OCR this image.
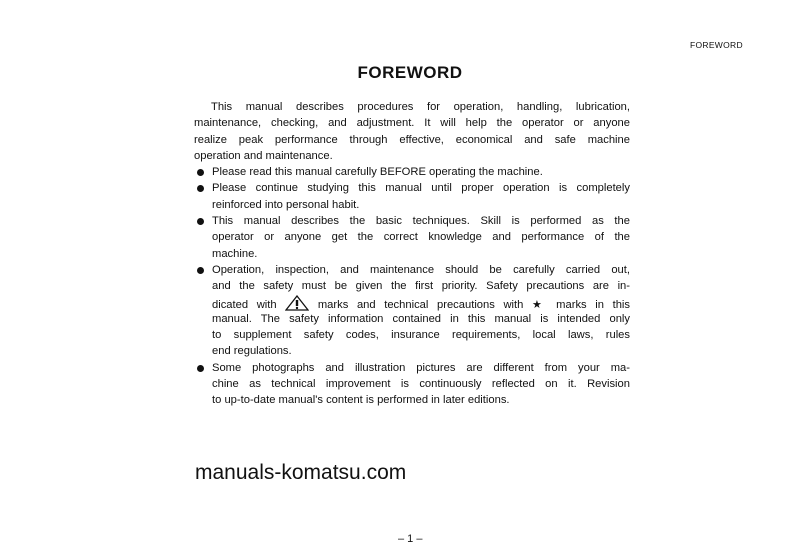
FOREWORD
FOREWORD
This manual describes procedures for operation, handling, lubrication,
maintenance, checking, and adjustment. It will help the operator or anyone
realize peak performance through effective, economical and safe machine
operation and maintenance.
Please read this manual carefully BEFORE operating the machine.
Please continue studying this manual until proper operation is completely
reinforced into personal habit.
This manual describes the basic techniques. Skill is performed as the
operator or anyone get the correct knowledge and performance of the
machine.
Operation, inspection, and maintenance should be carefully carried out,
and the safety must be given the first priority. Safety precautions are in-
dicated with	marks and technical precautions with ★ marks in this
manual. The safety information contained in this manual is intended only
to supplement safety codes, insurance requirements, local laws, rules
end regulations.
Some photographs and illustration pictures are different from your ma-
chine as technical improvement is continuously reflected on it. Revision
to up-to-date manual's content is performed in later editions.
manuals-komatsu.com
– 1 –
